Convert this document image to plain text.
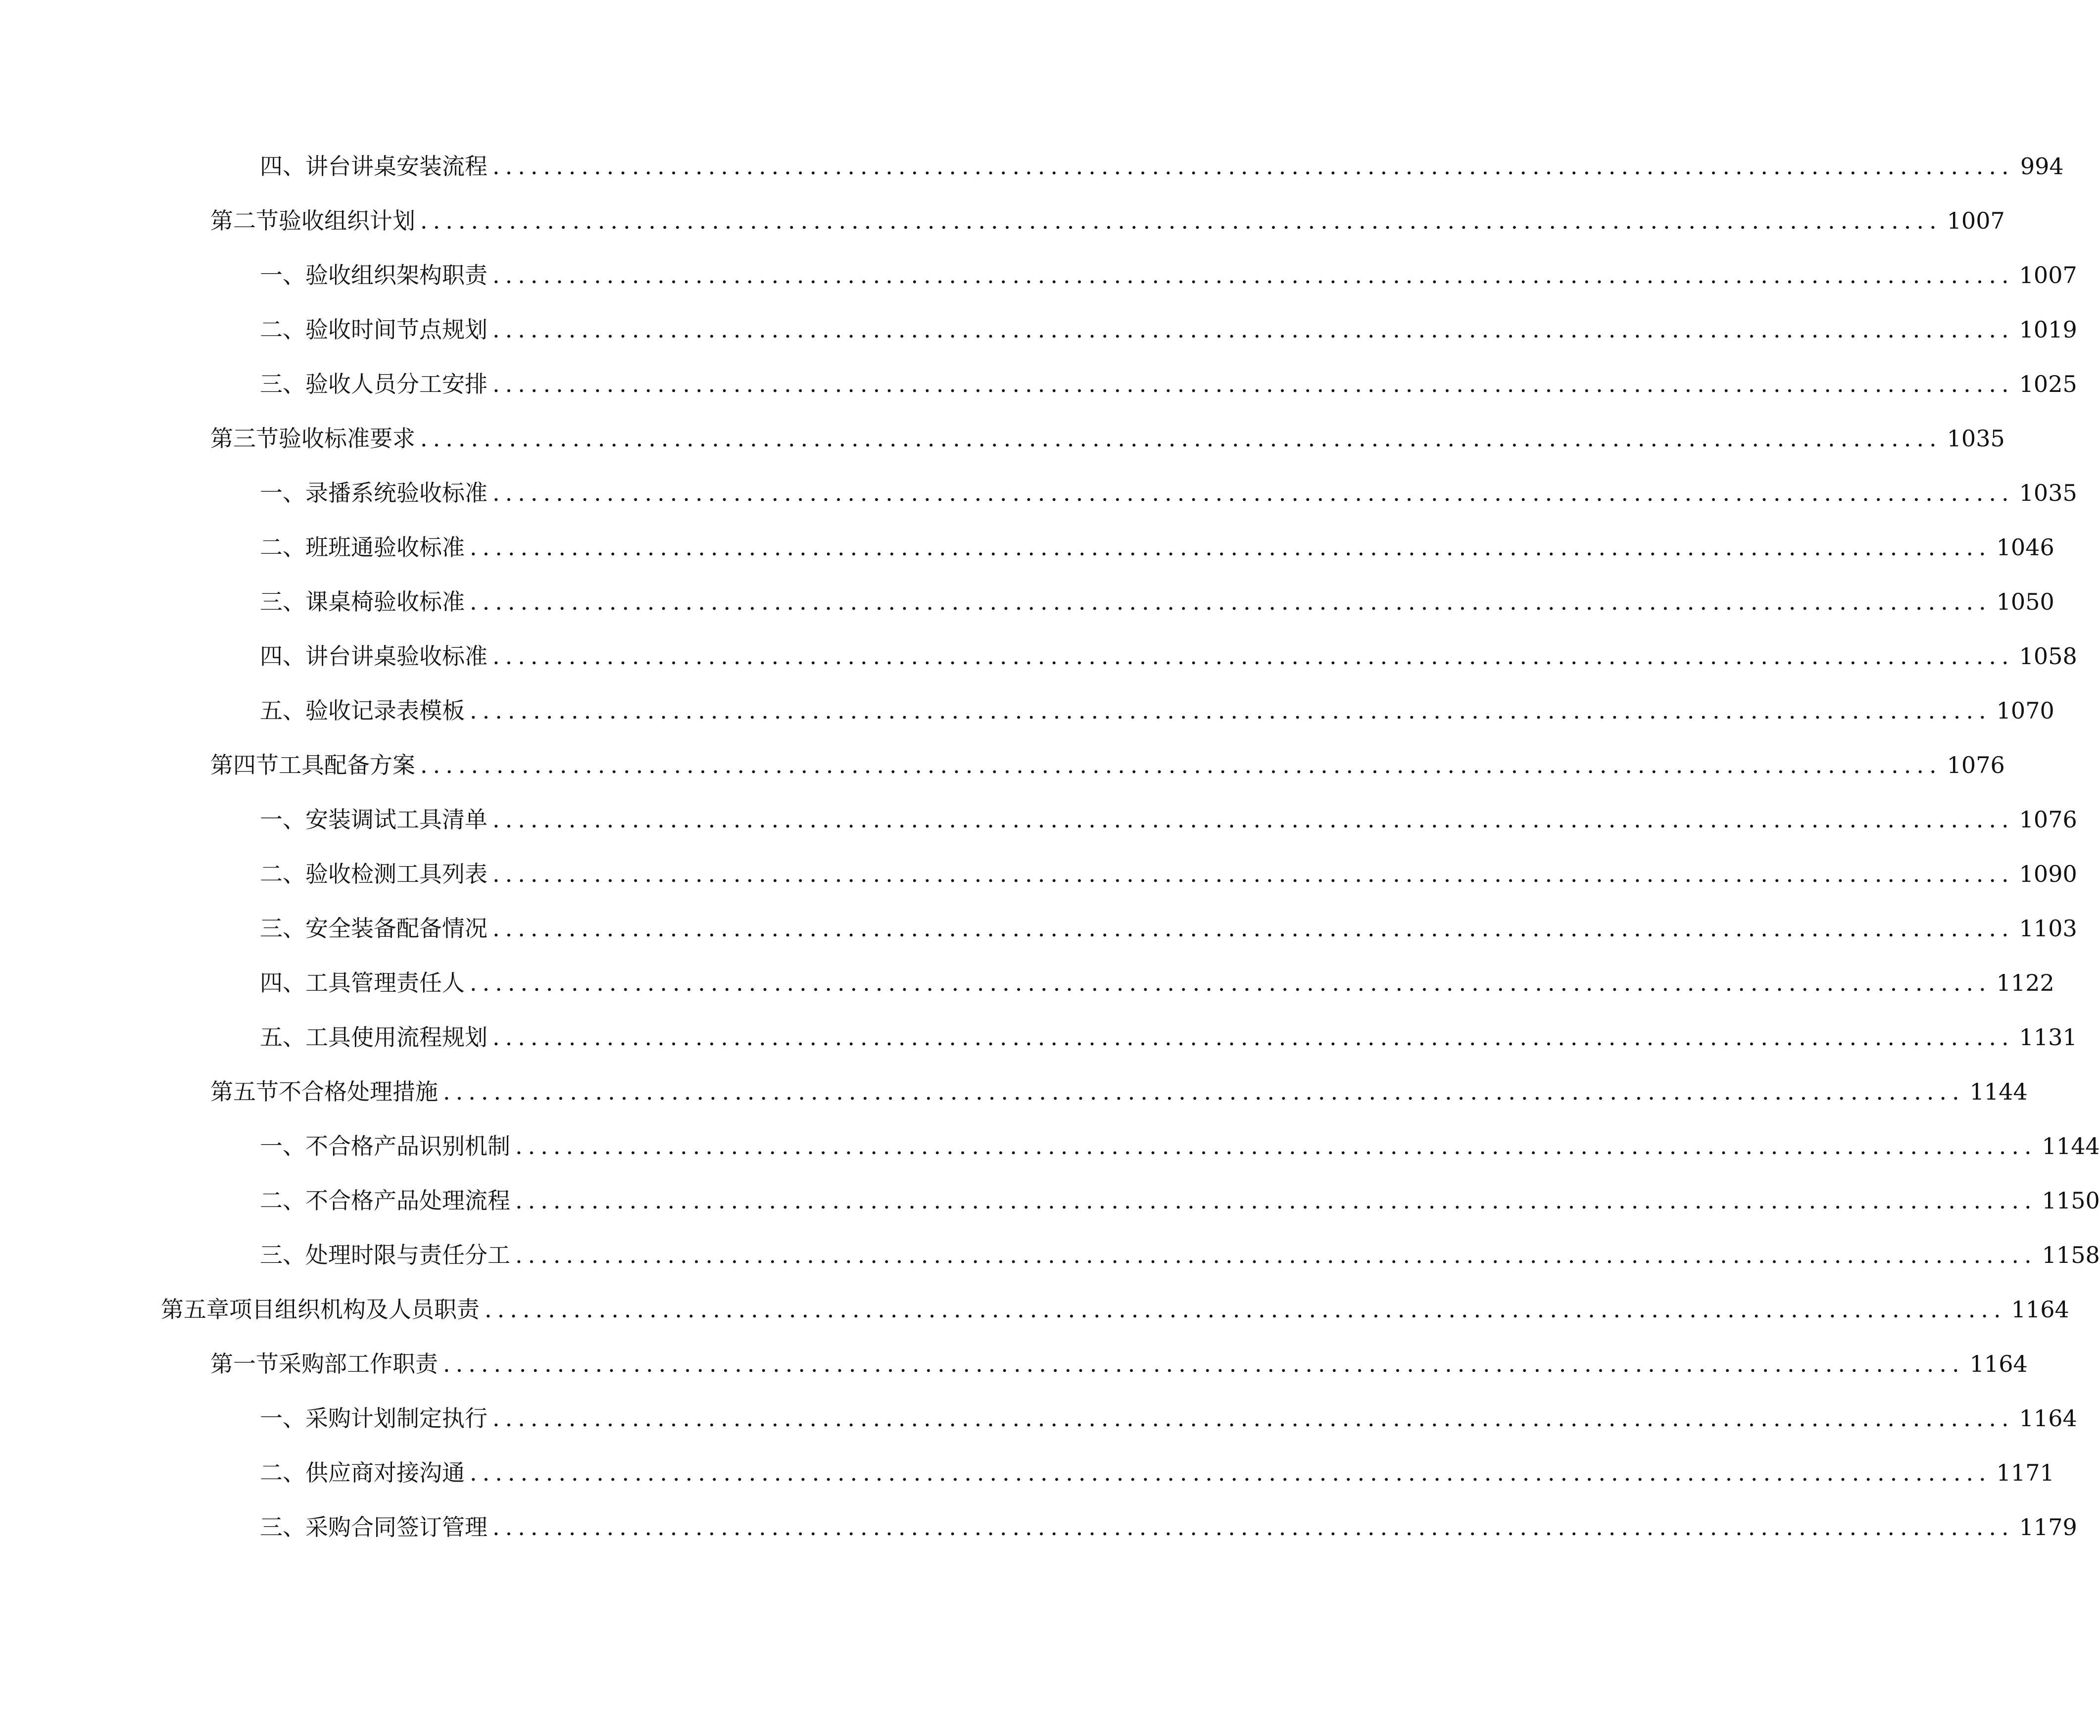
四、 讲台讲桌安装流程 ........................................................................................................................ 994
第二节 验收组织计划 ........................................................................................................................ 1007
一、 验收组织架构职责 ........................................................................................................................ 1007
二、 验收时间节点规划 ........................................................................................................................ 1019
三、 验收人员分工安排 ........................................................................................................................ 1025
第三节 验收标准要求 ........................................................................................................................ 1035
一、 录播系统验收标准 ........................................................................................................................ 1035
二、 班班通验收标准 ........................................................................................................................ 1046
三、 课桌椅验收标准 ........................................................................................................................ 1050
四、 讲台讲桌验收标准 ........................................................................................................................ 1058
五、 验收记录表模板 ........................................................................................................................ 1070
第四节 工具配备方案 ........................................................................................................................ 1076
一、 安装调试工具清单 ........................................................................................................................ 1076
二、 验收检测工具列表 ........................................................................................................................ 1090
三、 安全装备配备情况 ........................................................................................................................ 1103
四、 工具管理责任人 ........................................................................................................................ 1122
五、 工具使用流程规划 ........................................................................................................................ 1131
第五节 不合格处理措施 ........................................................................................................................ 1144
一、 不合格产品识别机制 ........................................................................................................................ 1144
二、 不合格产品处理流程 ........................................................................................................................ 1150
三、 处理时限与责任分工 ........................................................................................................................ 1158
第五章 项目组织机构及人员职责 ........................................................................................................................ 1164
第一节 采购部工作职责 ........................................................................................................................ 1164
一、 采购计划制定执行 ........................................................................................................................ 1164
二、 供应商对接沟通 ........................................................................................................................ 1171
三、 采购合同签订管理 ........................................................................................................................ 1179
